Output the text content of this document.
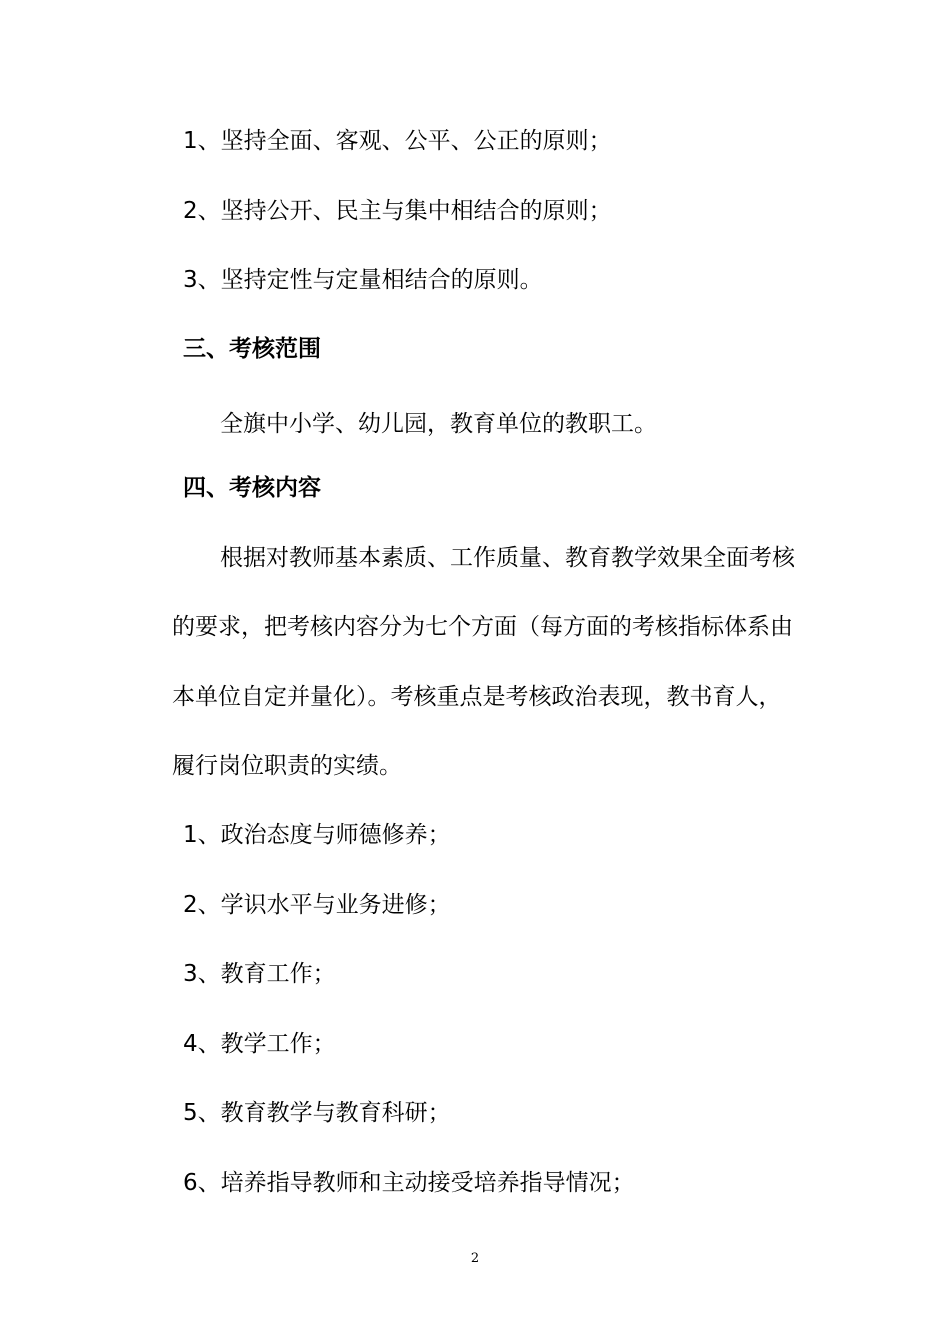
1、坚持全面、客观、公平、公正的原则；
2、坚持公开、民主与集中相结合的原则；
3、坚持定性与定量相结合的原则。
三、考核范围
全旗中小学、幼儿园，教育单位的教职工。
四、考核内容
根据对教师基本素质、工作质量、教育教学效果全面考核
的要求，把考核内容分为七个方面（每方面的考核指标体系由
本单位自定并量化）。考核重点是考核政治表现，教书育人，
履行岗位职责的实绩。
1、政治态度与师德修养；
2、学识水平与业务进修；
3、教育工作；
4、教学工作；
5、教育教学与教育科研；
6、培养指导教师和主动接受培养指导情况；
2
